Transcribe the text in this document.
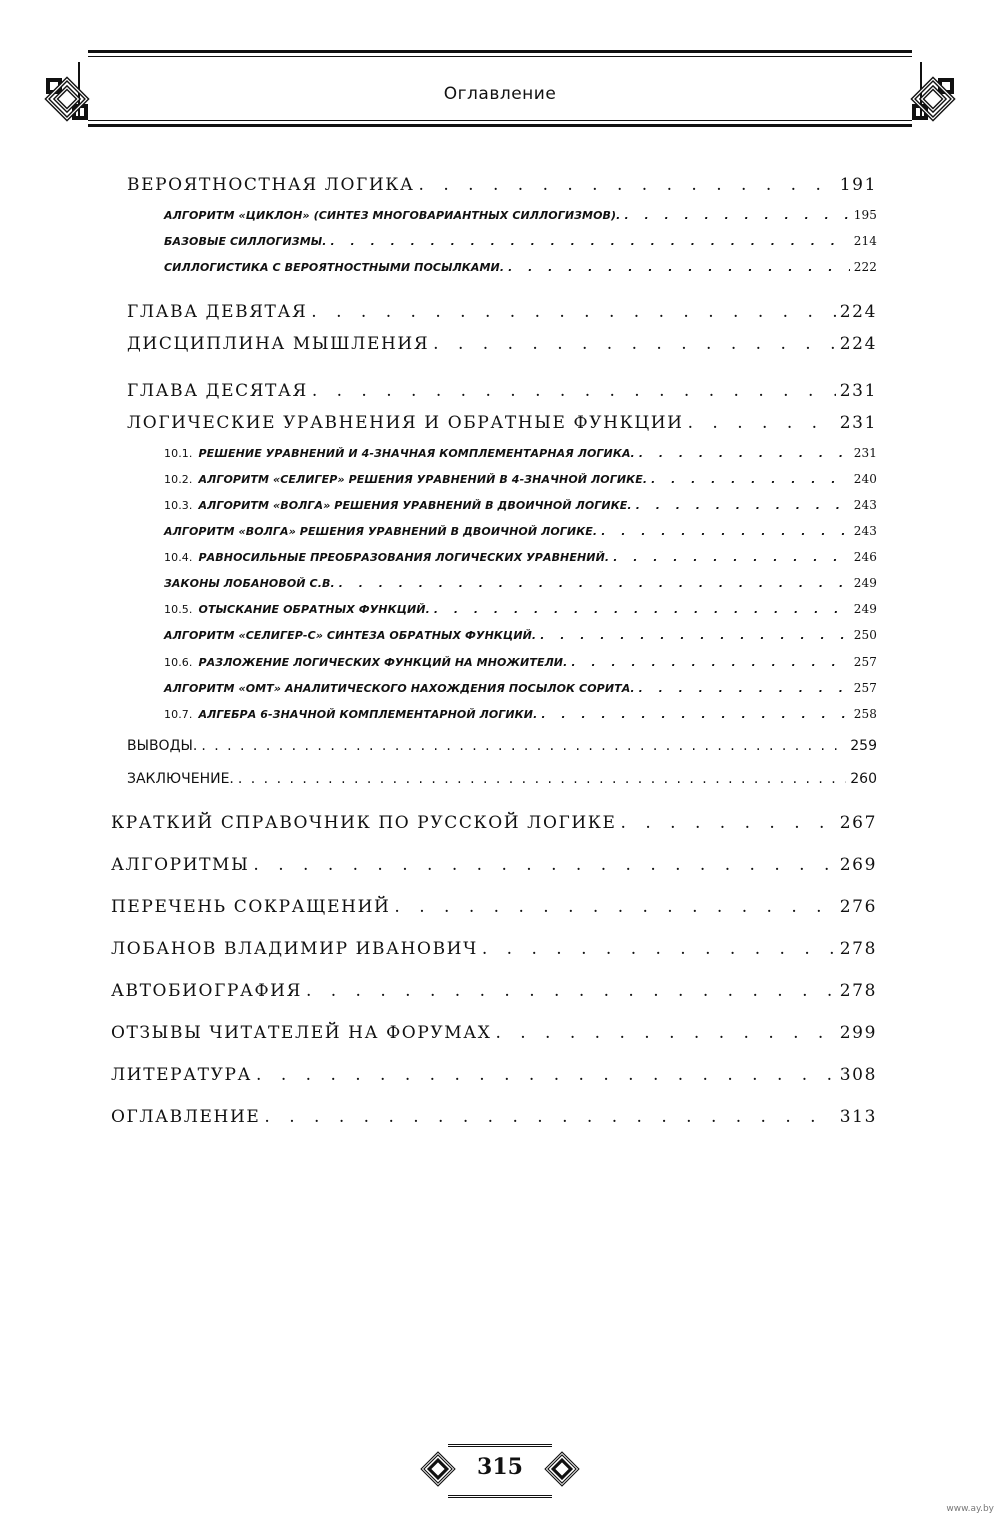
Оглавление
ВЕРОЯТНОСТНАЯ ЛОГИКА . . .	191
АЛГОРИТМ «ЦИКЛОН» (СИНТЕЗ МНОГОВАРИАНТНЫХ СИЛЛОГИЗМОВ). . . .	195
БАЗОВЫЕ СИЛЛОГИЗМЫ. . . .	214
СИЛЛОГИСТИКА С ВЕРОЯТНОСТНЫМИ ПОСЫЛКАМИ. . . .	222
ГЛАВА ДЕВЯТАЯ . . .	224
ДИСЦИПЛИНА МЫШЛЕНИЯ . . .	224
ГЛАВА ДЕСЯТАЯ . . .	231
ЛОГИЧЕСКИЕ УРАВНЕНИЯ И ОБРАТНЫЕ ФУНКЦИИ . . .	231
10.1. РЕШЕНИЕ УРАВНЕНИЙ И 4-ЗНАЧНАЯ КОМПЛЕМЕНТАРНАЯ ЛОГИКА. . . .	231
10.2. АЛГОРИТМ «СЕЛИГЕР» РЕШЕНИЯ УРАВНЕНИЙ В 4-ЗНАЧНОЙ ЛОГИКЕ. . . .	240
10.3. АЛГОРИТМ «ВОЛГА» РЕШЕНИЯ УРАВНЕНИЙ В ДВОИЧНОЙ ЛОГИКЕ. . . .	243
АЛГОРИТМ «ВОЛГА» РЕШЕНИЯ УРАВНЕНИЙ В ДВОИЧНОЙ ЛОГИКЕ. . . .	243
10.4. РАВНОСИЛЬНЫЕ ПРЕОБРАЗОВАНИЯ ЛОГИЧЕСКИХ УРАВНЕНИЙ. . . .	246
ЗАКОНЫ ЛОБАНОВОЙ С.В. . . .	249
10.5. ОТЫСКАНИЕ ОБРАТНЫХ ФУНКЦИЙ. . . .	249
АЛГОРИТМ «СЕЛИГЕР-С» СИНТЕЗА ОБРАТНЫХ ФУНКЦИЙ. . . .	250
10.6. РАЗЛОЖЕНИЕ ЛОГИЧЕСКИХ ФУНКЦИЙ НА МНОЖИТЕЛИ. . . .	257
АЛГОРИТМ «ОМТ» АНАЛИТИЧЕСКОГО НАХОЖДЕНИЯ ПОСЫЛОК СОРИТА. . . .	257
10.7. АЛГЕБРА 6-ЗНАЧНОЙ КОМПЛЕМЕНТАРНОЙ ЛОГИКИ. . . .	258
ВЫВОДЫ. . . .	259
ЗАКЛЮЧЕНИЕ. . . .	260
КРАТКИЙ СПРАВОЧНИК ПО РУССКОЙ ЛОГИКЕ . . .	267
АЛГОРИТМЫ . . .	269
ПЕРЕЧЕНЬ СОКРАЩЕНИЙ . . .	276
ЛОБАНОВ ВЛАДИМИР ИВАНОВИЧ . . .	278
АВТОБИОГРАФИЯ . . .	278
ОТЗЫВЫ ЧИТАТЕЛЕЙ НА ФОРУМАХ . . .	299
ЛИТЕРАТУРА . . .	308
ОГЛАВЛЕНИЕ . . .	313
315
www.ay.by
